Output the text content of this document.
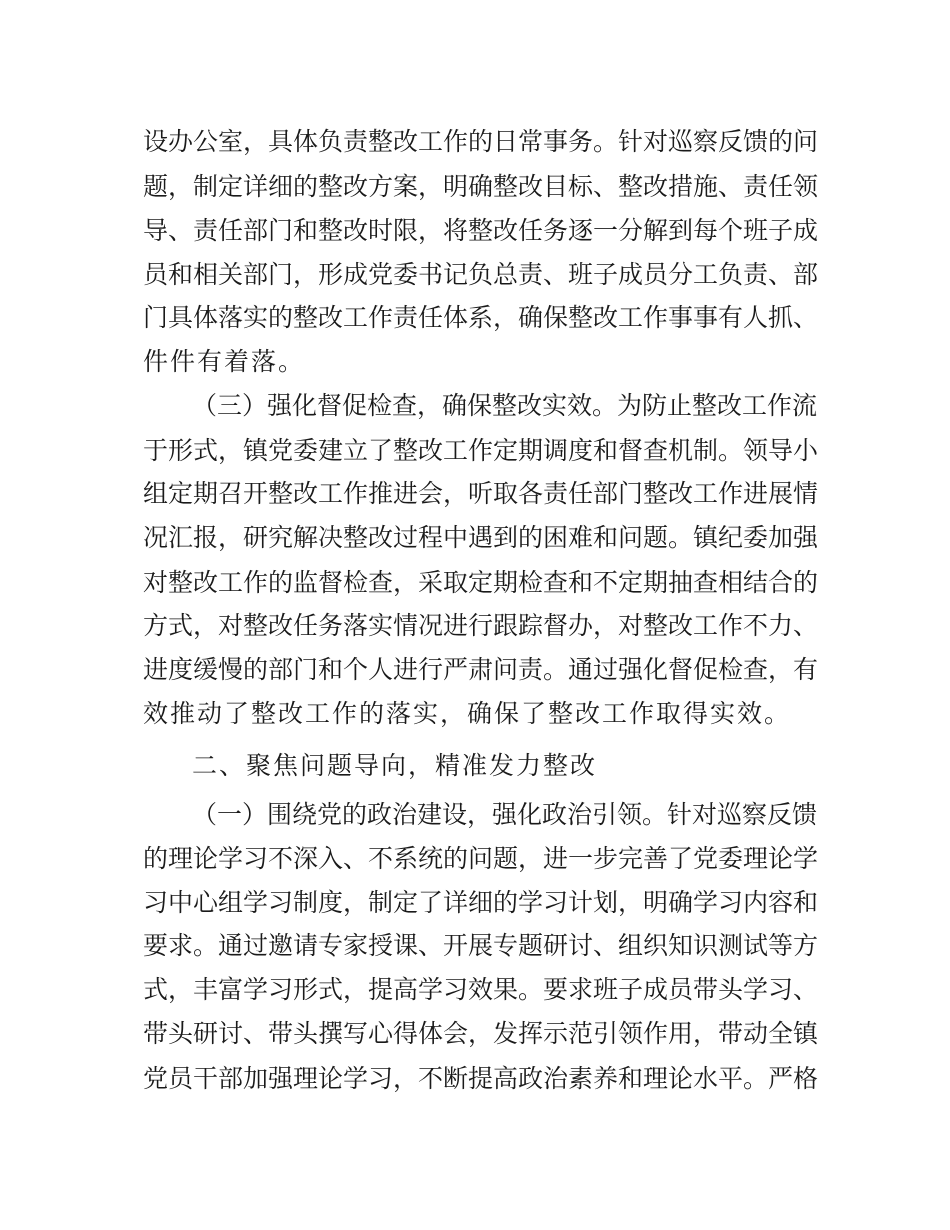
设办公室，具体负责整改工作的日常事务。针对巡察反馈的问
题，制定详细的整改方案，明确整改目标、整改措施、责任领
导、责任部门和整改时限，将整改任务逐一分解到每个班子成
员和相关部门，形成党委书记负总责、班子成员分工负责、部
门具体落实的整改工作责任体系，确保整改工作事事有人抓、
件件有着落。
（三）强化督促检查，确保整改实效。为防止整改工作流
于形式，镇党委建立了整改工作定期调度和督查机制。领导小
组定期召开整改工作推进会，听取各责任部门整改工作进展情
况汇报，研究解决整改过程中遇到的困难和问题。镇纪委加强
对整改工作的监督检查，采取定期检查和不定期抽查相结合的
方式，对整改任务落实情况进行跟踪督办，对整改工作不力、
进度缓慢的部门和个人进行严肃问责。通过强化督促检查，有
效推动了整改工作的落实，确保了整改工作取得实效。
二、聚焦问题导向，精准发力整改
（一）围绕党的政治建设，强化政治引领。针对巡察反馈
的理论学习不深入、不系统的问题，进一步完善了党委理论学
习中心组学习制度，制定了详细的学习计划，明确学习内容和
要求。通过邀请专家授课、开展专题研讨、组织知识测试等方
式，丰富学习形式，提高学习效果。要求班子成员带头学习、
带头研讨、带头撰写心得体会，发挥示范引领作用，带动全镇
党员干部加强理论学习，不断提高政治素养和理论水平。严格
